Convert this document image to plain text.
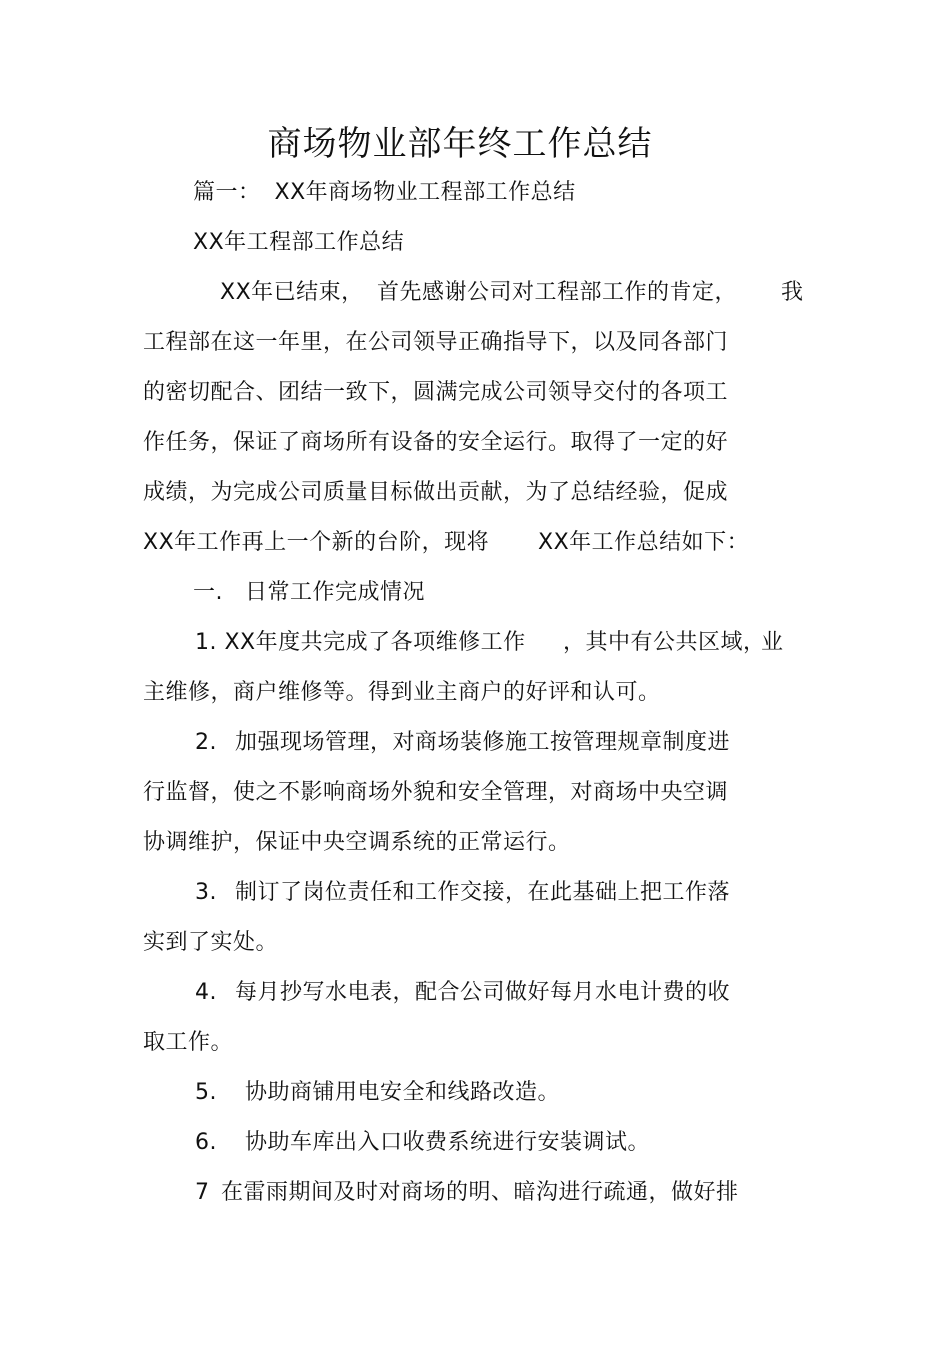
商场物业部年终工作总结
篇一： XX年商场物业工程部工作总结
XX年工程部工作总结
XX年已结束， 首先感谢公司对工程部工作的肯定， 我
工程部在这一年里，在公司领导正确指导下，以及同各部门
的密切配合、团结一致下，圆满完成公司领导交付的各项工
作任务，保证了商场所有设备的安全运行。取得了一定的好
成绩，为完成公司质量目标做出贡献，为了总结经验，促成
XX年工作再上一个新的台阶，现将 XX年工作总结如下：
一. 日常工作完成情况
1. XX年度共完成了各项维修工作 ，其中有公共区域，
业
主维修，商户维修等。得到业主商户的好评和认可。
2. 加强现场管理，对商场装修施工按管理规章制度进
行监督，使之不影响商场外貌和安全管理，对商场中央空调
协调维护，保证中央空调系统的正常运行。
3. 制订了岗位责任和工作交接，在此基础上把工作落
实到了实处。
4. 每月抄写水电表，配合公司做好每月水电计费的收
取工作。
5. 协助商铺用电安全和线路改造。
6. 协助车库出入口收费系统进行安装调试。
7 在雷雨期间及时对商场的明、暗沟进行疏通，做好排
